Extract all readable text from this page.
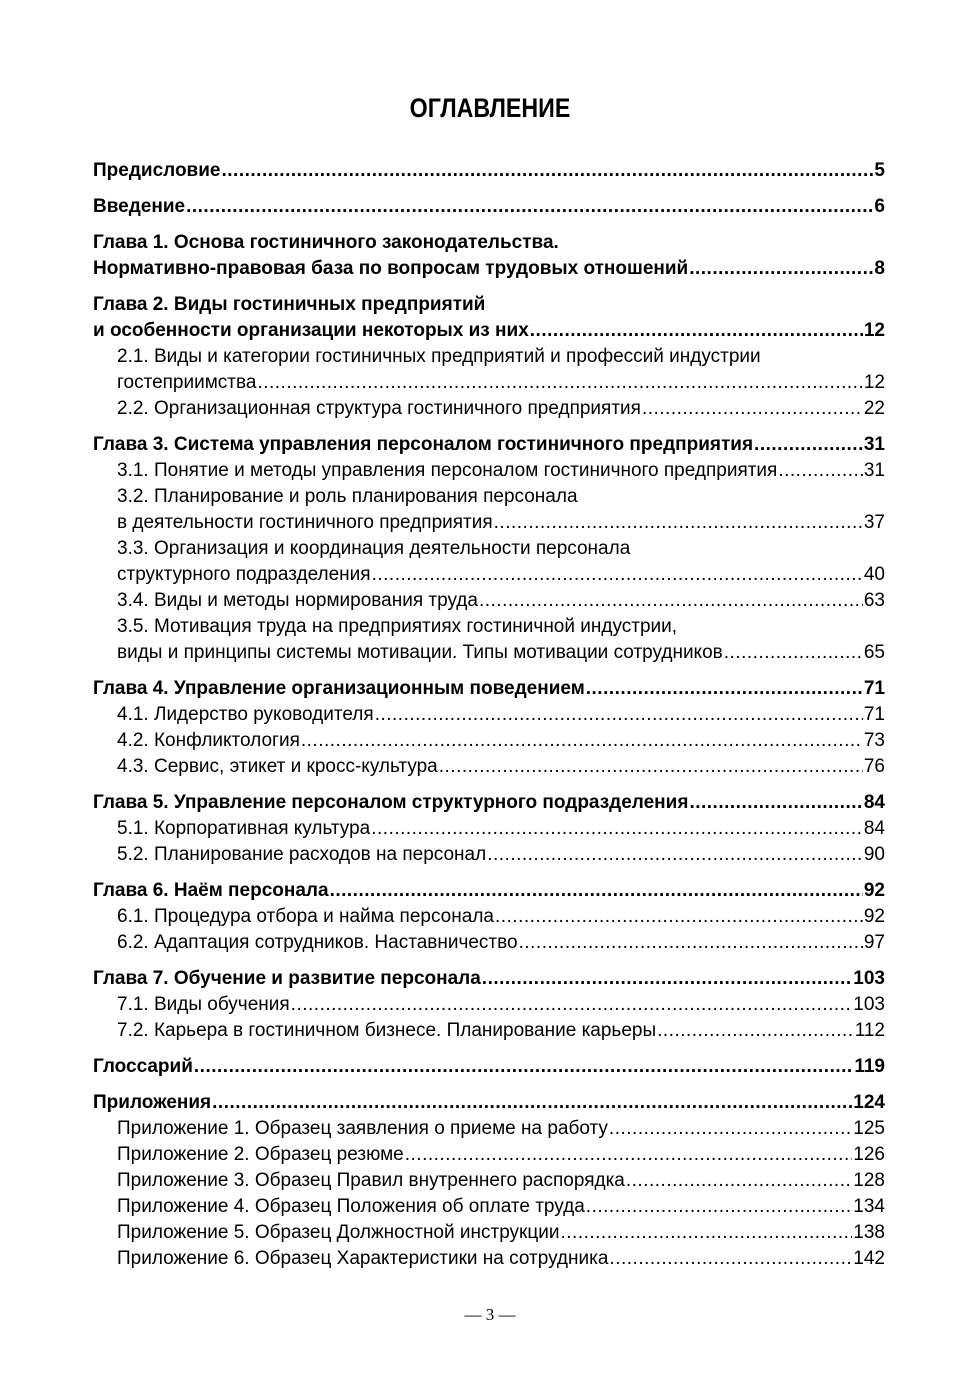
ОГЛАВЛЕНИЕ
Предисловие .....	5
Введение .....	6
Глава 1. Основа гостиничного законодательства.
Нормативно-правовая база по вопросам трудовых отношений .....	8
Глава 2. Виды гостиничных предприятий
и особенности организации некоторых из них .....	12
2.1. Виды и категории гостиничных предприятий и профессий индустрии
гостеприимства .....	12
2.2. Организационная структура гостиничного предприятия .....	22
Глава 3. Система управления персоналом гостиничного предприятия .....	31
3.1. Понятие и методы управления персоналом гостиничного предприятия .....	31
3.2. Планирование и роль планирования персонала
в деятельности гостиничного предприятия .....	37
3.3. Организация и координация деятельности персонала
структурного подразделения .....	40
3.4. Виды и методы нормирования труда .....	63
3.5. Мотивация труда на предприятиях гостиничной индустрии,
виды и принципы системы мотивации. Типы мотивации сотрудников .....	65
Глава 4. Управление организационным поведением .....	71
4.1. Лидерство руководителя .....	71
4.2. Конфликтология .....	73
4.3. Сервис, этикет и кросс-культура .....	76
Глава 5. Управление персоналом структурного подразделения .....	84
5.1. Корпоративная культура .....	84
5.2. Планирование расходов на персонал .....	90
Глава 6. Наём персонала .....	92
6.1. Процедура отбора и найма персонала .....	92
6.2. Адаптация сотрудников. Наставничество .....	97
Глава 7. Обучение и развитие персонала .....	103
7.1. Виды обучения .....	103
7.2. Карьера в гостиничном бизнесе. Планирование карьеры .....	112
Глоссарий .....	119
Приложения .....	124
Приложение 1. Образец заявления о приеме на работу .....	125
Приложение 2. Образец резюме .....	126
Приложение 3. Образец Правил внутреннего распорядка .....	128
Приложение 4. Образец Положения об оплате труда .....	134
Приложение 5. Образец Должностной инструкции .....	138
Приложение 6. Образец Характеристики на сотрудника .....	142
— 3 —
